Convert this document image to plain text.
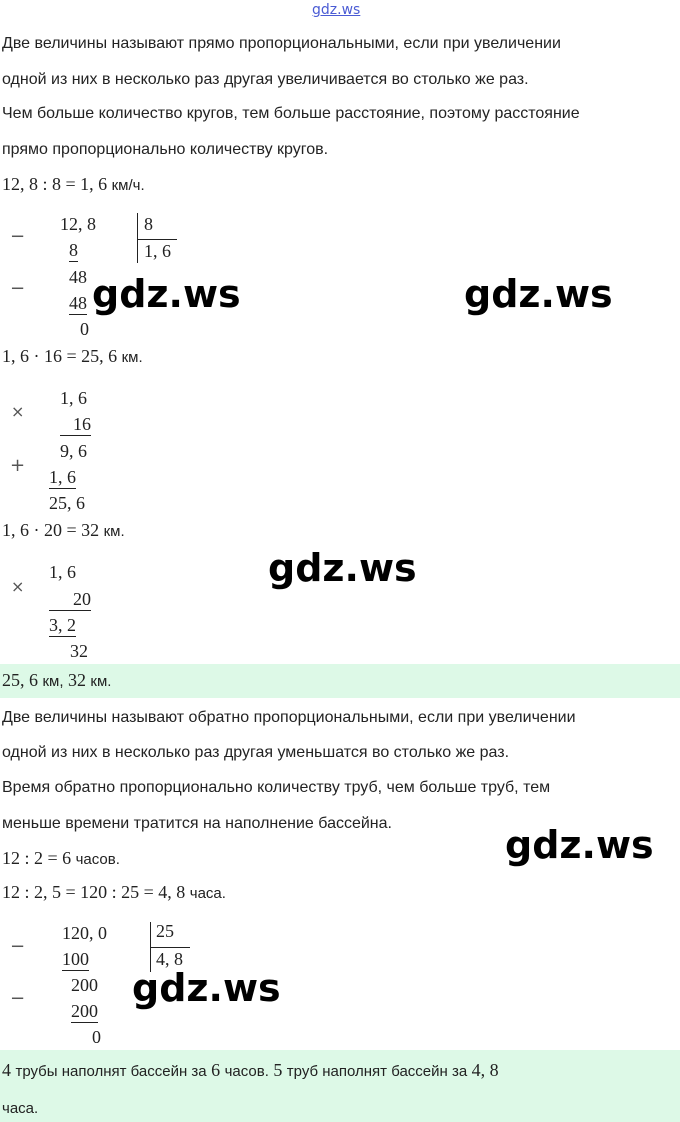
gdz.ws
Две величины называют прямо пропорциональными, если при увеличении
одной из них в несколько раз другая увеличивается во столько же раз.
Чем больше количество кругов, тем больше расстояние, поэтому расстояние
прямо пропорционально количеству кругов.
12, 8 : 8 = 1, 6 км/ч.
−
−
12, 8
8
48
48
0
8
1, 6
1, 6 · 16 = 25, 6 км.
×
+
1, 6
16
9, 6
1, 6
25, 6
1, 6 · 20 = 32 км.
×
1, 6
20
3, 2
32
25, 6 км, 32 км.
Две величины называют обратно пропорциональными, если при увеличении
одной из них в несколько раз другая уменьшатся во столько же раз.
Время обратно пропорционально количеству труб, чем больше труб, тем
меньше времени тратится на наполнение бассейна.
12 : 2 = 6 часов.
12 : 2, 5 = 120 : 25 = 4, 8 часа.
−
−
120, 0
100
200
200
0
25
4, 8
4 трубы наполнят бассейн за 6 часов. 5 труб наполнят бассейн за 4, 8
часа.
gdz.ws	gdz.ws
gdz.ws
gdz.ws
gdz.ws
